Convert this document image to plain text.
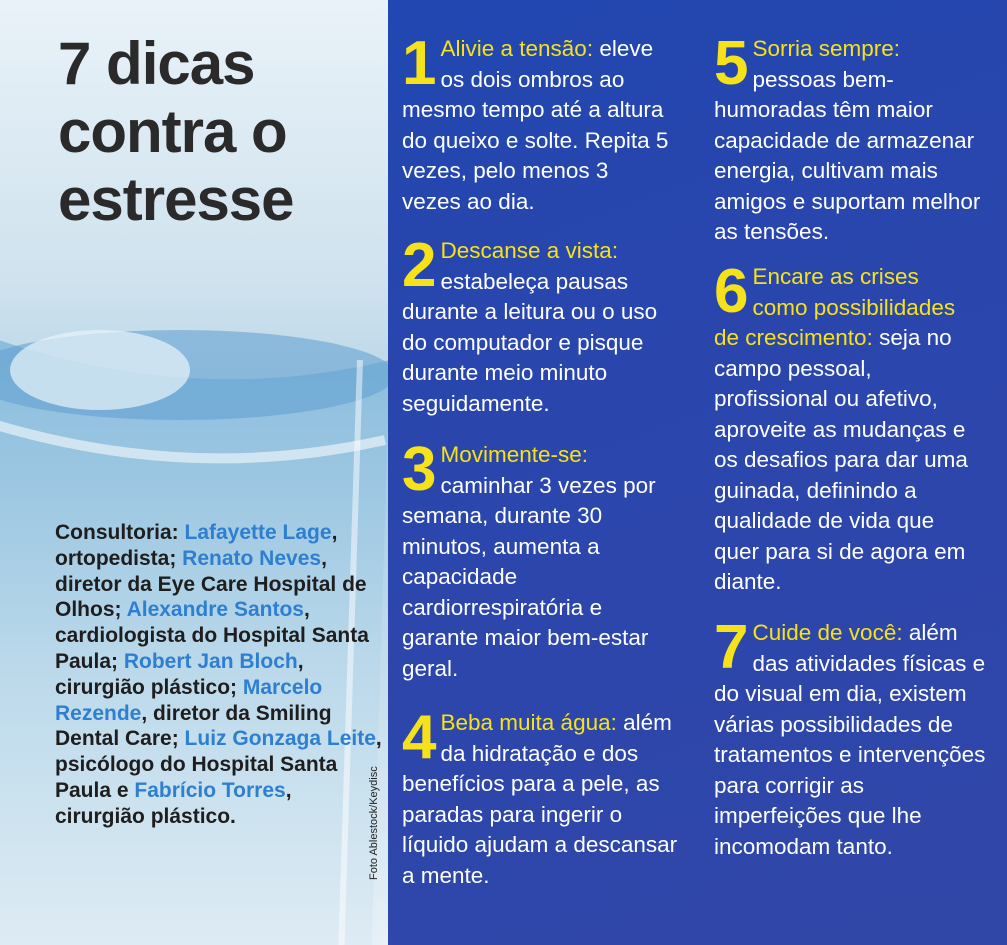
7 dicas
contra o
estresse
Consultoria: Lafayette Lage, ortopedista; Renato Neves, diretor da Eye Care Hospital de Olhos; Alexandre Santos, cardiologista do Hospital Santa Paula; Robert Jan Bloch, cirurgião plástico; Marcelo Rezende, diretor da Smiling Dental Care; Luiz Gonzaga Leite, psicólogo do Hospital Santa Paula e Fabrício Torres, cirurgião plástico.	Foto Ablestock/Keydisc
1 Alivie a tensão: eleve os dois ombros ao mesmo tempo até a altura do queixo e solte. Repita 5 vezes, pelo menos 3 vezes ao dia.
2 Descanse a vista: estabeleça pausas durante a leitura ou o uso do computador e pisque durante meio minuto seguidamente.
3 Movimente-se: caminhar 3 vezes por semana, durante 30 minutos, aumenta a capacidade cardiorrespiratória e garante maior bem-estar geral.
4 Beba muita água: além da hidratação e dos benefícios para a pele, as paradas para ingerir o líquido ajudam a descansar a mente.
5 Sorria sempre: pessoas bem-humoradas têm maior capacidade de armazenar energia, cultivam mais amigos e suportam melhor as tensões.
6 Encare as crises como possibilidades de crescimento: seja no campo pessoal, profissional ou afetivo, aproveite as mudanças e os desafios para dar uma guinada, definindo a qualidade de vida que quer para si de agora em diante.
7 Cuide de você: além das atividades físicas e do visual em dia, existem várias possibilidades de tratamentos e intervenções para corrigir as imperfeições que lhe incomodam tanto.
